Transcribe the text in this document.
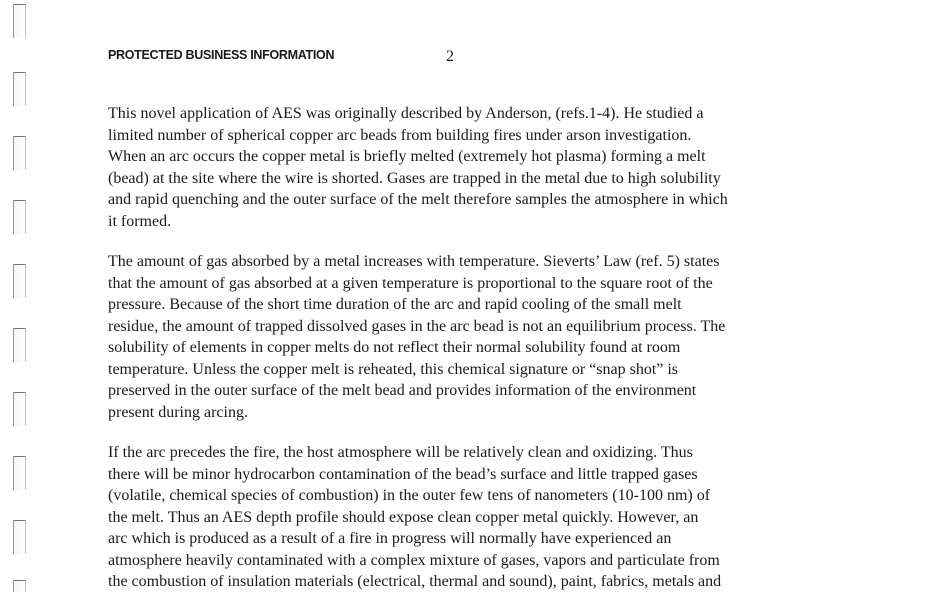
PROTECTED BUSINESS INFORMATION	2
This novel application of AES was originally described by Anderson, (refs.1-4). He studied a
limited number of spherical copper arc beads from building fires under arson investigation.
When an arc occurs the copper metal is briefly melted (extremely hot plasma) forming a melt
(bead) at the site where the wire is shorted. Gases are trapped in the metal due to high solubility
and rapid quenching and the outer surface of the melt therefore samples the atmosphere in which
it formed.
The amount of gas absorbed by a metal increases with temperature. Sieverts’ Law (ref. 5) states
that the amount of gas absorbed at a given temperature is proportional to the square root of the
pressure. Because of the short time duration of the arc and rapid cooling of the small melt
residue, the amount of trapped dissolved gases in the arc bead is not an equilibrium process. The
solubility of elements in copper melts do not reflect their normal solubility found at room
temperature. Unless the copper melt is reheated, this chemical signature or “snap shot” is
preserved in the outer surface of the melt bead and provides information of the environment
present during arcing.
If the arc precedes the fire, the host atmosphere will be relatively clean and oxidizing. Thus
there will be minor hydrocarbon contamination of the bead’s surface and little trapped gases
(volatile, chemical species of combustion) in the outer few tens of nanometers (10-100 nm) of
the melt. Thus an AES depth profile should expose clean copper metal quickly. However, an
arc which is produced as a result of a fire in progress will normally have experienced an
atmosphere heavily contaminated with a complex mixture of gases, vapors and particulate from
the combustion of insulation materials (electrical, thermal and sound), paint, fabrics, metals and
